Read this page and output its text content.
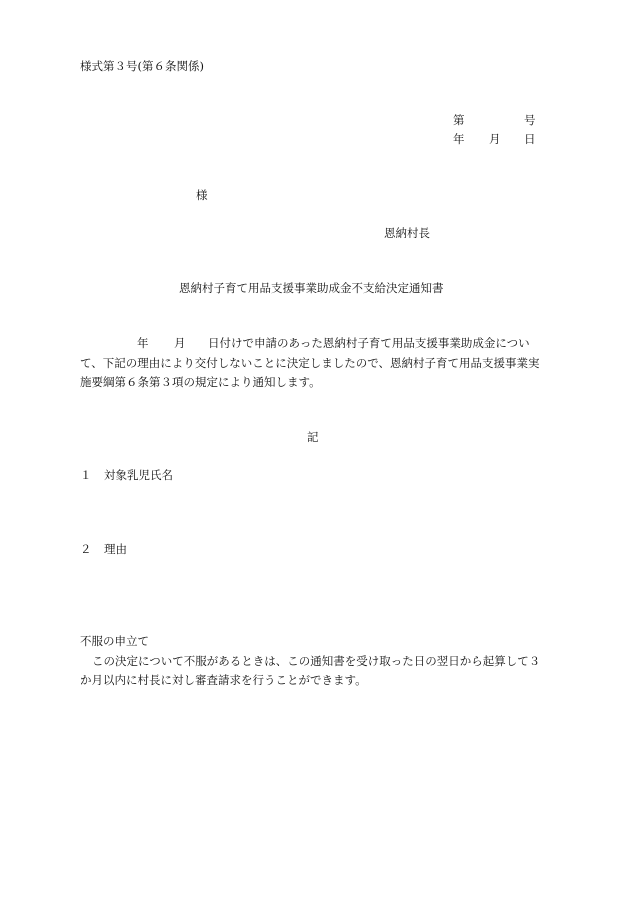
様式第３号(第６条関係)
第	号
年 月 日
様
恩納村長
恩納村子育て用品支援事業助成金不支給決定通知書
年 月 日付けで申請のあった恩納村子育て用品支援事業助成金につい
て、下記の理由により交付しないことに決定しましたので、恩納村子育て用品支援事業実
施要綱第６条第３項の規定により通知します。
記
１ 対象乳児氏名
２ 理由
不服の申立て
この決定について不服があるときは、この通知書を受け取った日の翌日から起算して３
か月以内に村長に対し審査請求を行うことができます。
